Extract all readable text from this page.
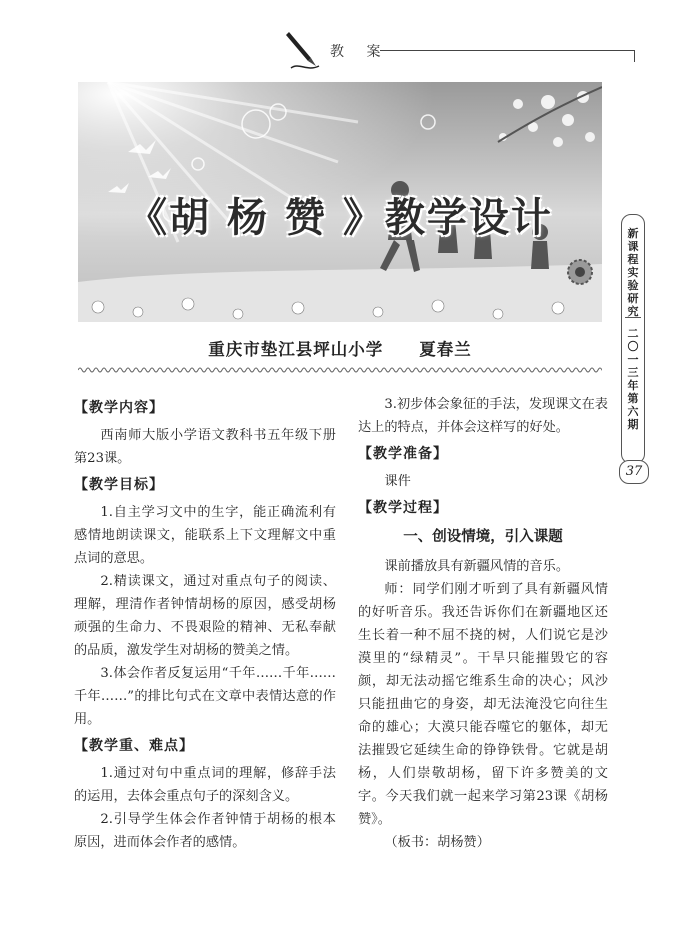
教 案
《胡 杨 赞 》教学设计
重庆市垫江县坪山小学 夏春兰
新
课
程
实
验
研
究
二
〇
一
三
年
第
六
期
37
【教学内容】

西南师大版小学语文教科书五年级下册第23课。

【教学目标】

1.自主学习文中的生字，能正确流利有感情地朗读课文，能联系上下文理解文中重点词的意思。

2.精读课文，通过对重点句子的阅读、理解，理清作者钟情胡杨的原因，感受胡杨顽强的生命力、不畏艰险的精神、无私奉献的品质，激发学生对胡杨的赞美之情。

3.体会作者反复运用“千年……千年……千年……”的排比句式在文章中表情达意的作用。

【教学重、难点】

1.通过对句中重点词的理解，修辞手法的运用，去体会重点句子的深刻含义。

2.引导学生体会作者钟情于胡杨的根本原因，进而体会作者的感情。

3.初步体会象征的手法，发现课文在表达上的特点，并体会这样写的好处。

【教学准备】

课件

【教学过程】
一、创设情境，引入课题

课前播放具有新疆风情的音乐。

师：同学们刚才听到了具有新疆风情的好听音乐。我还告诉你们在新疆地区还生长着一种不屈不挠的树，人们说它是沙漠里的“绿精灵”。干旱只能摧毁它的容颜，却无法动摇它维系生命的决心；风沙只能扭曲它的身姿，却无法淹没它向往生命的雄心；大漠只能吞噬它的躯体，却无法摧毁它延续生命的铮铮铁骨。它就是胡杨，人们崇敬胡杨，留下许多赞美的文字。今天我们就一起来学习第23课《胡杨赞》。

（板书：胡杨赞）
